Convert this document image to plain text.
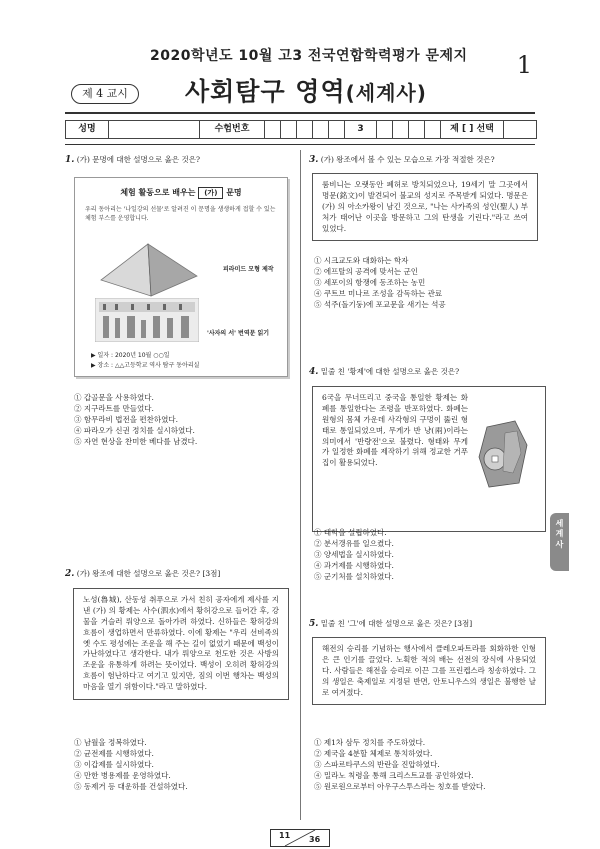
2020학년도 10월 고3 전국연합학력평가 문제지 1
제 4 교시	사회탐구 영역(세계사)
성명	수험번호	3	제 [ ] 선택
1. (가) 문명에 대한 설명으로 옳은 것은?
체험 활동으로 배우는 (가) 문명
우리 동아리는 '나일강의 선물'로 알려진 이 문명을 생생하게 접할 수 있는 체험 부스를 운영합니다.
피라미드 모형 제작
'사자의 서' 번역문 읽기
▶ 일자 : 2020년 10월 ○○일
▶ 장소 : △△고등학교 역사 탐구 동아리실
① 갑골문을 사용하였다.
② 지구라트를 만들었다.
③ 함무라비 법전을 편찬하였다.
④ 파라오가 신권 정치를 실시하였다.
⑤ 자연 현상을 찬미한 베다를 남겼다.
2. (가) 왕조에 대한 설명으로 옳은 것은? [3점]

노성(魯城), 산동성 취푸으로 가서 친히 공자에게 제사를 지낸 (가) 의 황제는 사수(泗水)에서 황허강으로 들어간 후, 강물을 거슬러 뤄양으로 돌아가려 하였다. 신하들은 황허강의 흐름이 생업하면서 만류하였다. 이에 황제는 "우리 선비족의 옛 수도 평성에는 조운을 해 주는 길이 없었기 때문에 백성이 가난하였다고 생각한다. 내가 뤄양으로 천도한 것은 사방의 조운을 유통하게 하려는 뜻이었다. 백성이 오히려 황허강의 흐름이 험난하다고 여기고 있지만, 짐의 이번 행차는 백성의 마음을 열기 위함이다."라고 말하였다.

① 남월을 정복하였다.
② 균전제를 시행하였다.
③ 이갑제를 실시하였다.
④ 만한 병용제를 운영하였다.
⑤ 동제거 등 대운하를 건설하였다.
3. (가) 왕조에서 볼 수 있는 모습으로 가장 적절한 것은?

룸비니는 오랫동안 폐허로 방치되었으나, 19세기 말 그곳에서 명문(銘文)이 발견되어 불교의 성지로 주목받게 되었다. 명문은 (가) 의 아소카왕이 남긴 것으로, "나는 사카족의 성인(聖人) 부처가 태어난 이곳을 방문하고 그의 탄생을 기린다."라고 쓰여 있었다.

① 시크교도와 대화하는 학자
② 에프탈의 공격에 맞서는 군인
③ 세포이의 항쟁에 동조하는 농민
④ 쿠트브 미나르 조성을 감독하는 관료
⑤ 석주(돌기둥)에 포교문을 새기는 석공
4. 밑줄 친 '황제'에 대한 설명으로 옳은 것은?

6국을 무너뜨리고 중국을 통일한 황제는 화폐를 통일한다는 조령을 반포하였다. 화폐는 원형의 몸체 가운데 사각형의 구멍이 뚫린 형태로 통일되었으며, 무게가 반 냥(兩)이라는 의미에서 '반량전'으로 불렸다. 형태와 무게가 일정한 화폐를 제작하기 위해 정교한 거푸집이 활용되었다.

① 태학을 설립하였다.
② 분서갱유를 일으켰다.
③ 양세법을 실시하였다.
④ 과거제를 시행하였다.
⑤ 군기처를 설치하였다.
5. 밑줄 친 '그'에 대한 설명으로 옳은 것은? [3점]

해전의 승리를 기념하는 행사에서 클레오파트라를 회화하한 인형은 큰 인기를 끌었다. 노획한 적의 배는 선전의 장식에 사용되었다. 사람들은 해전을 승리로 이끈 그를 프린켑스라 칭송하였다. 그의 생일은 축제일로 지정된 반면, 안토니우스의 생일은 불행한 날로 여겨졌다.

① 제1차 삼두 정치를 주도하였다.
② 제국을 4분할 체제로 통치하였다.
③ 스파르타쿠스의 반란을 진압하였다.
④ 밀라노 칙령을 통해 크리스트교를 공인하였다.
⑤ 원로원으로부터 아우구스투스라는 칭호를 받았다.
세계사
11 36
